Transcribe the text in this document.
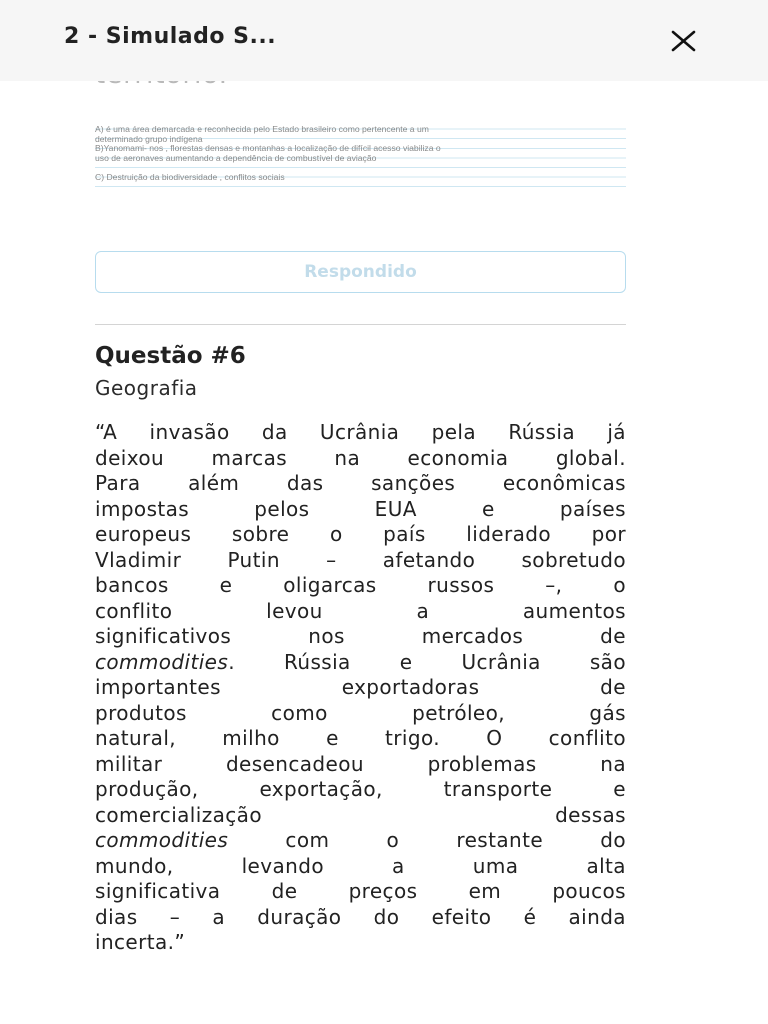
2 - Simulado S...

A) é uma área demarcada e reconhecida pelo Estado brasileiro como pertencente a um

determinado grupo indígena

B)Yanomami- nos , florestas densas e montanhas a localização de difícil acesso viabiliza o

uso de aeronaves aumentando a dependência de combustível de aviação

C) Destruição da biodiversidade , conflitos sociais

Respondido
Questão #6
Geografia
“A invasão da Ucrânia pela Rússia já
deixou marcas na economia global.
Para além das sanções econômicas
impostas	pelos	EUA	e	países
europeus sobre o país liderado por
Vladimir Putin – afetando sobretudo
bancos	e	oligarcas	russos	–,	o
conflito	levou	a	aumentos
significativos	nos	mercados	de
commodities. Rússia e Ucrânia são
importantes	exportadoras	de
produtos	como	petróleo,	gás
natural, milho e trigo. O conflito
militar	desencadeou	problemas	na
produção,	exportação,	transporte	e
comercialização	dessas
commodities	com	o	restante	do
mundo,	levando	a	uma	alta
significativa	de	preços	em	poucos
dias – a duração do efeito é ainda
incerta.”
